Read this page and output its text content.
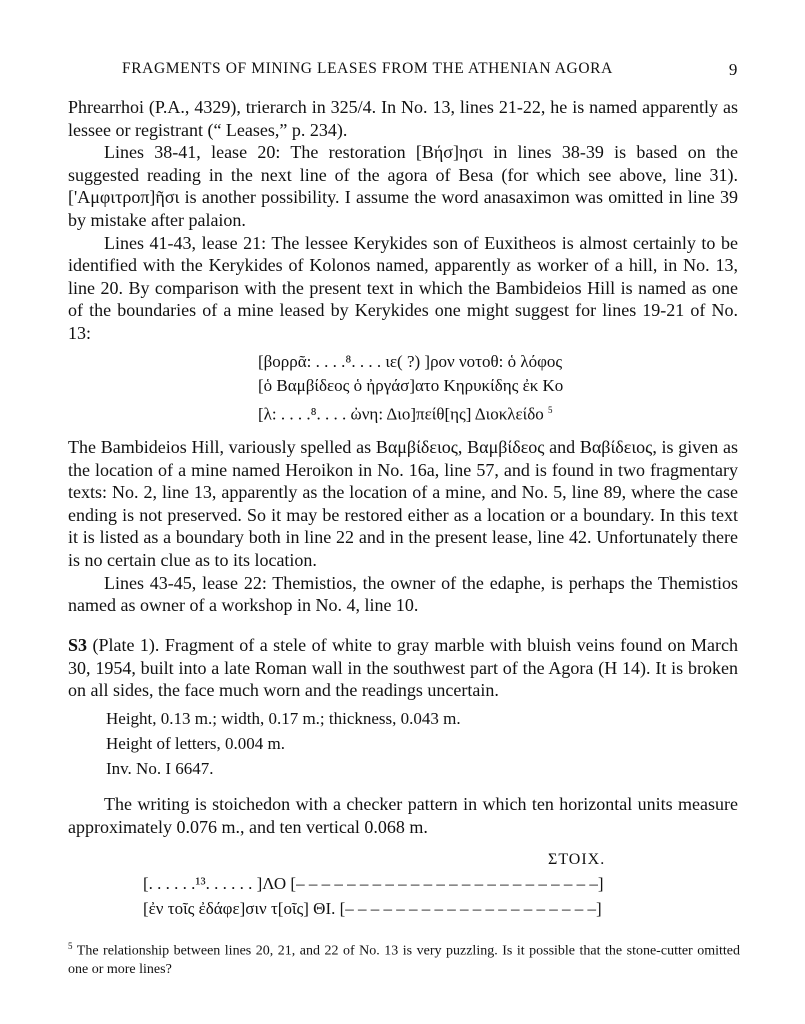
FRAGMENTS OF MINING LEASES FROM THE ATHENIAN AGORA	9

Phrearrhoi (P.A., 4329), trierarch in 325/4. In No. 13, lines 21-22, he is named apparently as lessee or registrant (“ Leases,” p. 234).

Lines 38-41, lease 20: The restoration [Bήσ]ησι in lines 38-39 is based on the suggested reading in the next line of the agora of Besa (for which see above, line 31). ['Aμφιτροπ]ῆσι is another possibility. I assume the word anasaximon was omitted in line 39 by mistake after palaion.

Lines 41-43, lease 21: The lessee Kerykides son of Euxitheos is almost certainly to be identified with the Kerykides of Kolonos named, apparently as worker of a hill, in No. 13, line 20. By comparison with the present text in which the Bambideios Hill is named as one of the boundaries of a mine leased by Kerykides one might suggest for lines 19-21 of No. 13:

[βορρᾶ: . . . .⁸. . . . ιε( ?) ]ρον νοτοθ: ὁ λόφος
[ὁ Βαμβίδεος ὁ ἠργάσ]ατο Κηρυκίδης ἐκ Κο
[λ: . . . .⁸. . . . ὠνη: Διο]πείθ[ης] Διοκλείδο $^5$

The Bambideios Hill, variously spelled as Βαμβίδειος, Βαμβίδεος and Βαβίδειος, is given as the location of a mine named Heroikon in No. 16a, line 57, and is found in two fragmentary texts: No. 2, line 13, apparently as the location of a mine, and No. 5, line 89, where the case ending is not preserved. So it may be restored either as a location or a boundary. In this text it is listed as a boundary both in line 22 and in the present lease, line 42. Unfortunately there is no certain clue as to its location.

Lines 43-45, lease 22: Themistios, the owner of the edaphe, is perhaps the Themistios named as owner of a workshop in No. 4, line 10.

S3 (Plate 1). Fragment of a stele of white to gray marble with bluish veins found on March 30, 1954, built into a late Roman wall in the southwest part of the Agora (H 14). It is broken on all sides, the face much worn and the readings uncertain.

Height, 0.13 m.; width, 0.17 m.; thickness, 0.043 m.
Height of letters, 0.004 m.
Inv. No. I 6647.

The writing is stoichedon with a checker pattern in which ten horizontal units measure approximately 0.076 m., and ten vertical 0.068 m.

ΣΤΟΙΧ.
[. . . . . .¹³. . . . . . ]ΛΟ [– – – – – – – – – – – – – – – – – – – – – – – –]
[ἐν τοῖς ἐδάφε]σιν τ[οῖς] ΘΙ. [– – – – – – – – – – – – – – – – – – – –]
$^5$ The relationship between lines 20, 21, and 22 of No. 13 is very puzzling. Is it possible that the stone-cutter omitted one or more lines?
